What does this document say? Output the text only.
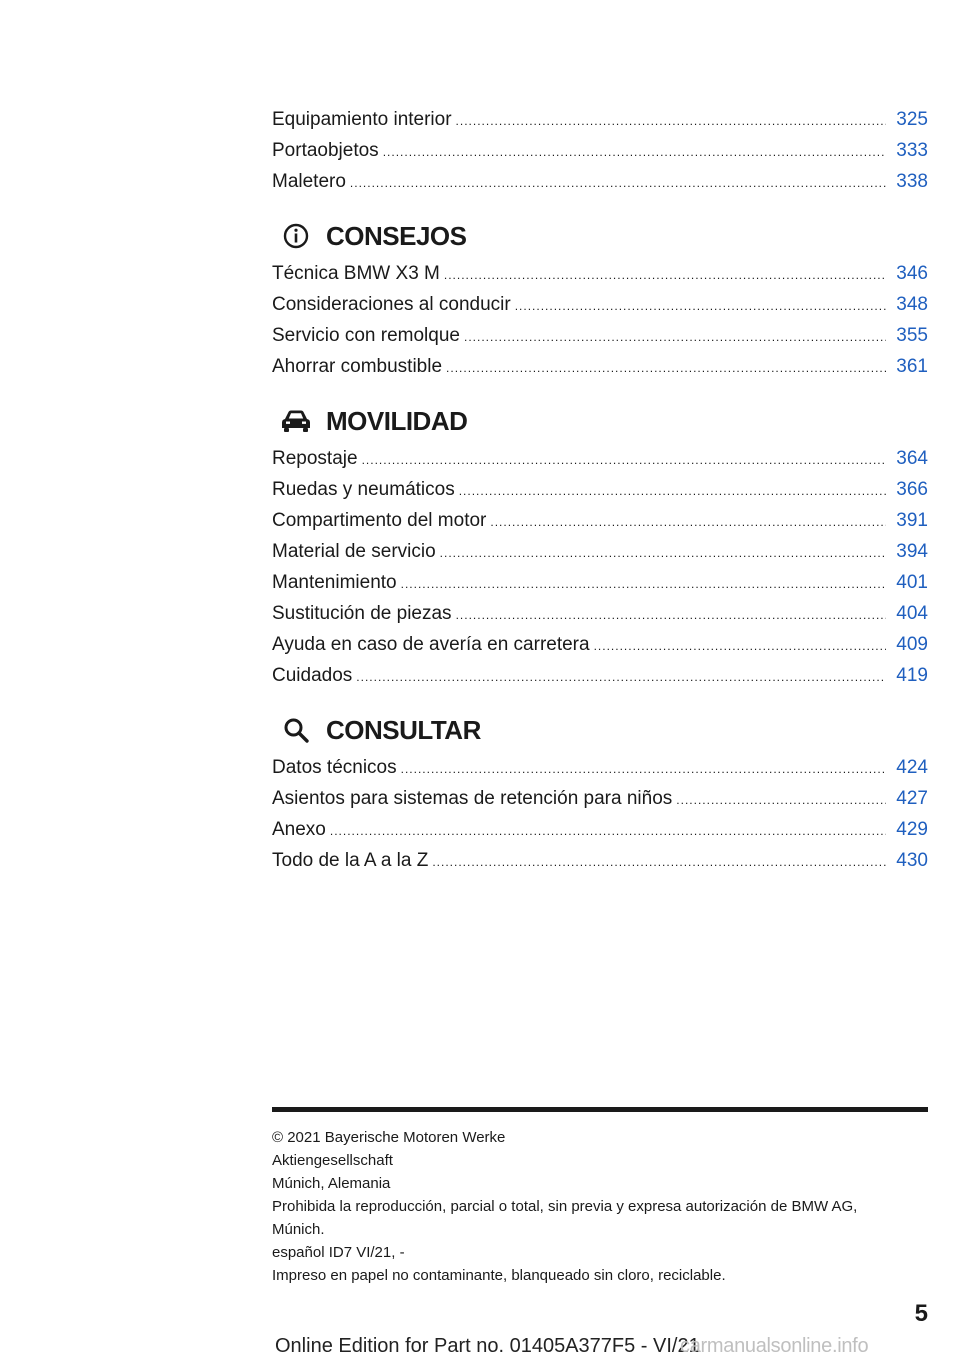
Equipamiento interior .....	325
Portaobjetos .....	333
Maletero .....	338
CONSEJOS
Técnica BMW X3 M .....	346
Consideraciones al conducir .....	348
Servicio con remolque .....	355
Ahorrar combustible .....	361
MOVILIDAD
Repostaje .....	364
Ruedas y neumáticos .....	366
Compartimento del motor .....	391
Material de servicio .....	394
Mantenimiento .....	401
Sustitución de piezas .....	404
Ayuda en caso de avería en carretera .....	409
Cuidados .....	419
CONSULTAR
Datos técnicos .....	424
Asientos para sistemas de retención para niños .....	427
Anexo .....	429
Todo de la A a la Z .....	430
© 2021 Bayerische Motoren Werke
Aktiengesellschaft
Múnich, Alemania
Prohibida la reproducción, parcial o total, sin previa y expresa autorización de BMW AG, Múnich.
español ID7 VI/21, -
Impreso en papel no contaminante, blanqueado sin cloro, reciclable.
5
Online Edition for Part no. 01405A377F5 - VI/21
carmanualsonline.info
